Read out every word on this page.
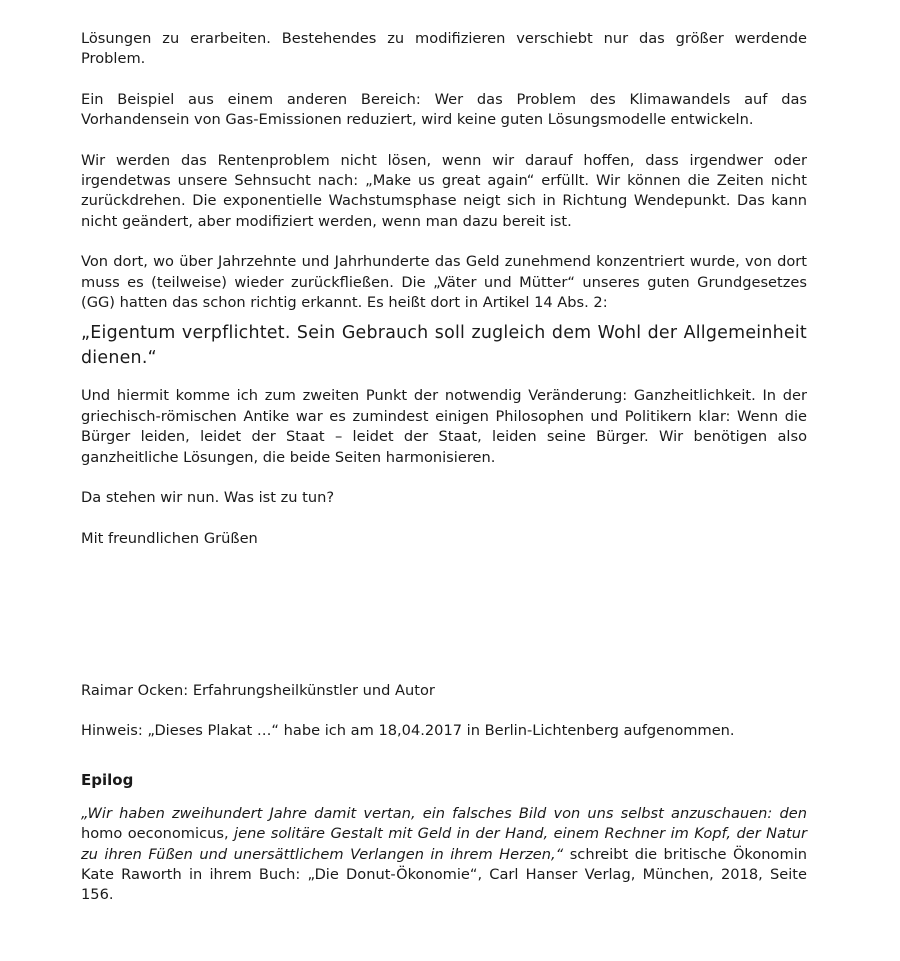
Lösungen zu erarbeiten. Bestehendes zu modifizieren verschiebt nur das größer werdende Problem.

Ein Beispiel aus einem anderen Bereich: Wer das Problem des Klimawandels auf das Vorhandensein von Gas-Emissionen reduziert, wird keine guten Lösungsmodelle entwickeln.

Wir werden das Rentenproblem nicht lösen, wenn wir darauf hoffen, dass irgendwer oder irgendetwas unsere Sehnsucht nach: „Make us great again“ erfüllt. Wir können die Zeiten nicht zurückdrehen. Die exponentielle Wachstumsphase neigt sich in Richtung Wendepunkt. Das kann nicht geändert, aber modifiziert werden, wenn man dazu bereit ist.

Von dort, wo über Jahrzehnte und Jahrhunderte das Geld zunehmend konzentriert wurde, von dort muss es (teilweise) wieder zurückfließen. Die „Väter und Mütter“ unseres guten Grundgesetzes (GG) hatten das schon richtig erkannt. Es heißt dort in Artikel 14 Abs. 2:

„Eigentum verpflichtet. Sein Gebrauch soll zugleich dem Wohl der Allgemeinheit dienen.“

Und hiermit komme ich zum zweiten Punkt der notwendig Veränderung: Ganzheitlichkeit. In der griechisch-römischen Antike war es zumindest einigen Philosophen und Politikern klar: Wenn die Bürger leiden, leidet der Staat – leidet der Staat, leiden seine Bürger. Wir benötigen also ganzheitliche Lösungen, die beide Seiten harmonisieren.

Da stehen wir nun. Was ist zu tun?

Mit freundlichen Grüßen

Raimar Ocken: Erfahrungsheilkünstler und Autor

Hinweis: „Dieses Plakat …“ habe ich am 18,04.2017 in Berlin-Lichtenberg aufgenommen.

Epilog

„Wir haben zweihundert Jahre damit vertan, ein falsches Bild von uns selbst anzuschauen: den homo oeconomicus, jene solitäre Gestalt mit Geld in der Hand, einem Rechner im Kopf, der Natur zu ihren Füßen und unersättlichem Verlangen in ihrem Herzen,“ schreibt die britische Ökonomin Kate Raworth in ihrem Buch: „Die Donut-Ökonomie“, Carl Hanser Verlag, München, 2018, Seite 156.
